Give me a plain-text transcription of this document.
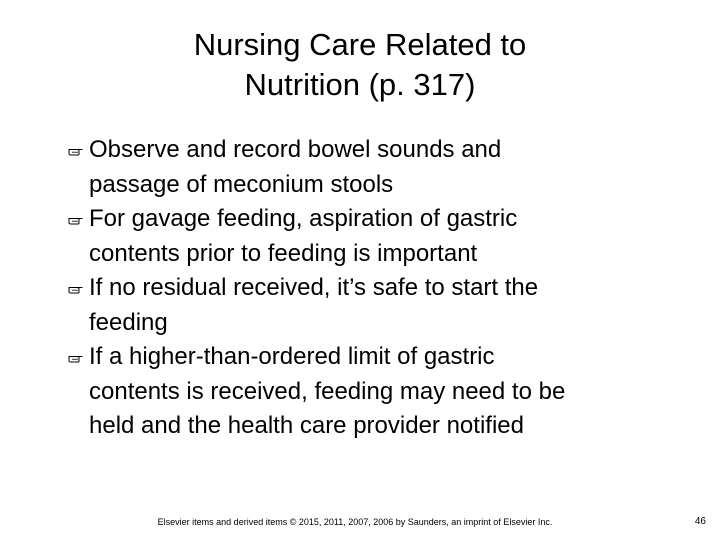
Nursing Care Related to
Nutrition (p. 317)
Observe and record bowel sounds and
passage of meconium stools
For gavage feeding, aspiration of gastric
contents prior to feeding is important
If no residual received, it’s safe to start the
feeding
If a higher-than-ordered limit of gastric
contents is received, feeding may need to be
held and the health care provider notified
Elsevier items and derived items © 2015, 2011, 2007, 2006 by Saunders, an imprint of Elsevier Inc.	46
